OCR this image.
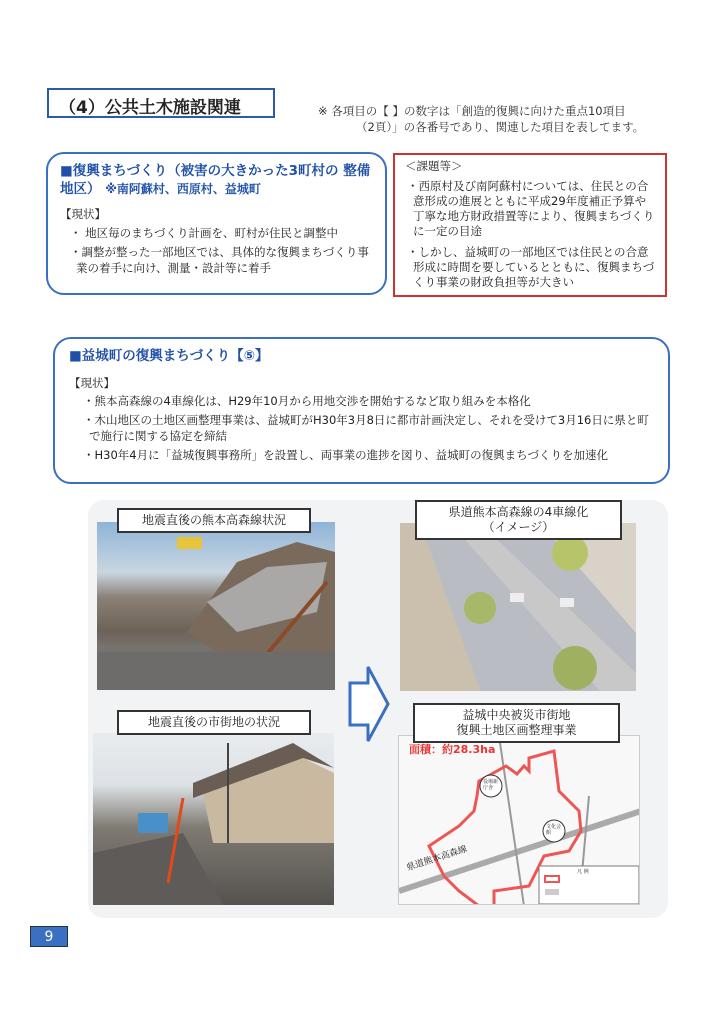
（4）公共土木施設関連	※ 各項目の【 】の数字は「創造的復興に向けた重点10項目
（2頁）」の各番号であり、関連した項目を表してます。
■復興まちづくり（被害の大きかった3町村の 整備地区） ※南阿蘇村、西原村、益城町
【現状】
・ 地区毎のまちづくり計画を、町村が住民と調整中
・調整が整った一部地区では、具体的な復興まちづくり事業の着手に向け、測量・設計等に着手
＜課題等＞
・西原村及び南阿蘇村については、住民との合意形成の進展とともに平成29年度補正予算や丁寧な地方財政措置等により、復興まちづくりに一定の目途
・しかし、益城町の一部地区では住民との合意形成に時間を要しているとともに、復興まちづくり事業の財政負担等が大きい
■益城町の復興まちづくり【⑤】
【現状】
・熊本高森線の4車線化は、H29年10月から用地交渉を開始するなど取り組みを本格化
・木山地区の土地区画整理事業は、益城町がH30年3月8日に都市計画決定し、それを受けて3月16日に県と町で施行に関する協定を締結
・H30年4月に「益城復興事務所」を設置し、両事業の進捗を図り、益城町の復興まちづくりを加速化
地震直後の熊本高森線状況
県道熊本高森線の4車線化
（イメージ）
地震直後の市街地の状況
面積：約28.3ha
県道熊本高森線
役場新庁舎
文化会館
凡 例
益城中央被災市街地
復興土地区画整理事業
9
